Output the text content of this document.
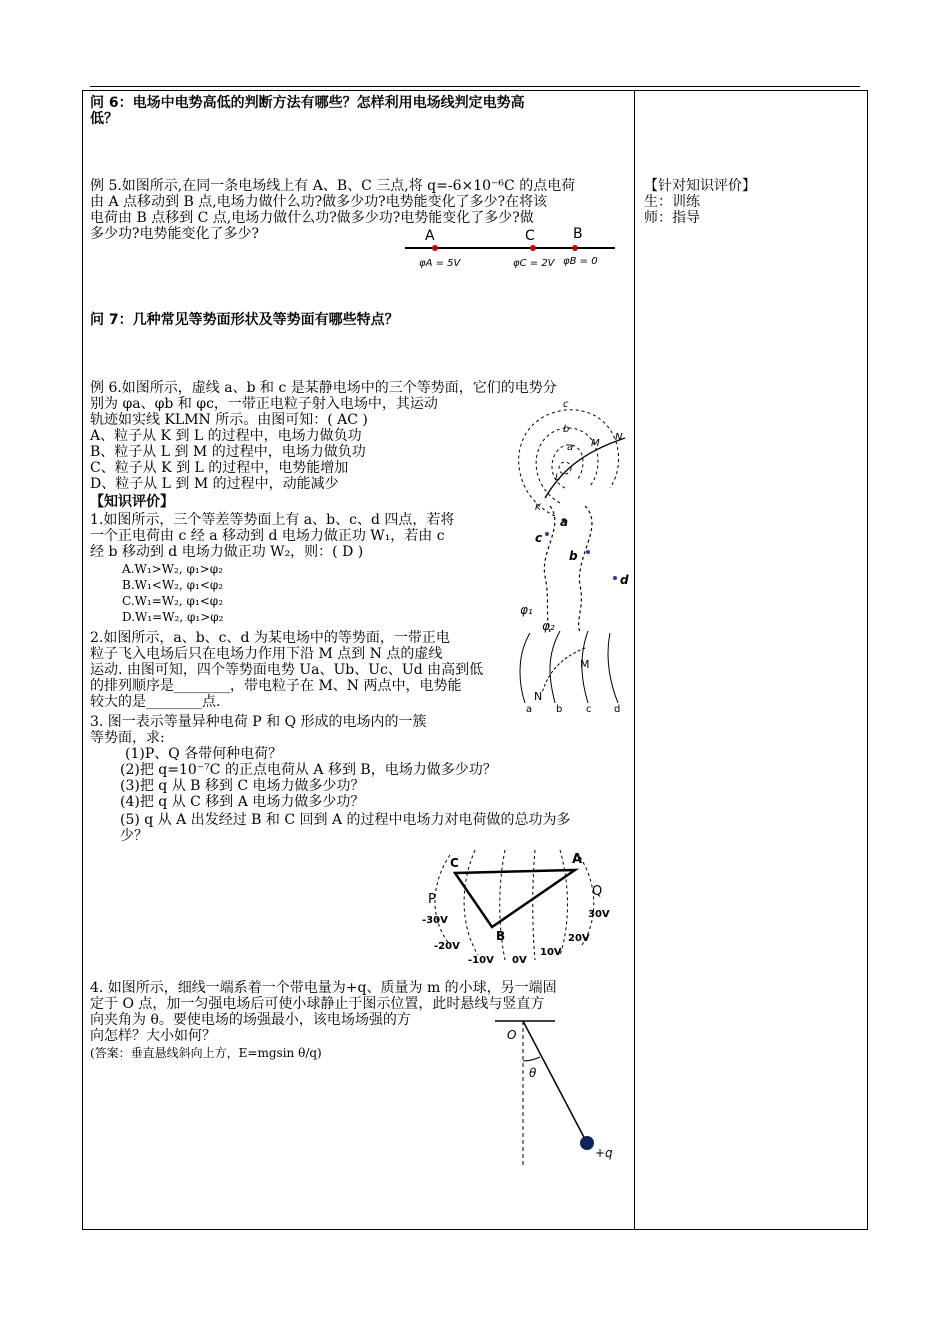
问 6：电场中电势高低的判断方法有哪些？怎样利用电场线判定电势高
低？
例 5.如图所示,在同一条电场线上有 A、B、C 三点,将 q=-6×10⁻⁶C 的点电荷
由 A 点移动到 B 点,电场力做什么功?做多少功?电势能变化了多少?在将该
电荷由 B 点移到 C 点,电场力做什么功?做多少功?电势能变化了多少?做
多少功?电势能变化了多少?	A	C	B
φA = 5V	φC = 2V φB = 0
问 7：几种常见等势面形状及等势面有哪些特点？
例 6.如图所示，虚线 a、b 和 c 是某静电场中的三个等势面，它们的电势分
别为 φa、φb 和 φc，一带正电粒子射入电场中，其运动
轨迹如实线 KLMN 所示。由图可知：( AC )
A、粒子从 K 到 L 的过程中，电场力做负功
B、粒子从 L 到 M 的过程中，电场力做负功
C、粒子从 K 到 L 的过程中，电势能增加
D、粒子从 L 到 M 的过程中，动能减少
c
b
a M
N
L
K
【知识评价】
1.如图所示，三个等差等势面上有 a、b、c、d 四点，若将
一个正电荷由 c 经 a 移动到 d 电场力做正功 W₁，若由 c
经 b 移动到 d 电场力做正功 W₂，则：( D )
A.W₁>W₂, φ₁>φ₂
B.W₁<W₂, φ₁<φ₂
C.W₁=W₂, φ₁<φ₂
D.W₁=W₂, φ₁>φ₂
a
c
b
d
φ₁
φ₂
2.如图所示，a、b、c、d 为某电场中的等势面，一带正电
粒子飞入电场后只在电场力作用下沿 M 点到 N 点的虚线
运动. 由图可知，四个等势面电势 Ua、Ub、Uc、Ud 由高到低
的排列顺序是________，带电粒子在 M、N 两点中，电势能
较大的是________点.
M
N
a b c d
3. 图一表示等量异种电荷 P 和 Q 形成的电场内的一簇
等势面，求:
(1)P、Q 各带何种电荷？
(2)把 q=10⁻⁷C 的正点电荷从 A 移到 B，电场力做多少功？
(3)把 q 从 B 移到 C 电场力做多少功？
(4)把 q 从 C 移到 A 电场力做多少功？
(5) q 从 A 出发经过 B 和 C 回到 A 的过程中电场力对电荷做的总功为多
少？
C	A
P
Q
B
-30V
-20V
-10V 0V
10V
20V
30V
4. 如图所示，细线一端系着一个带电量为+q、质量为 m 的小球，另一端固
定于 O 点，加一匀强电场后可使小球静止于图示位置，此时悬线与竖直方
向夹角为 θ。要使电场的场强最小，该电场场强的方
向怎样？大小如何？
(答案：垂直悬线斜向上方，E=mgsin θ/q)
O
θ
+q
【针对知识评价】
生：训练
师：指导
